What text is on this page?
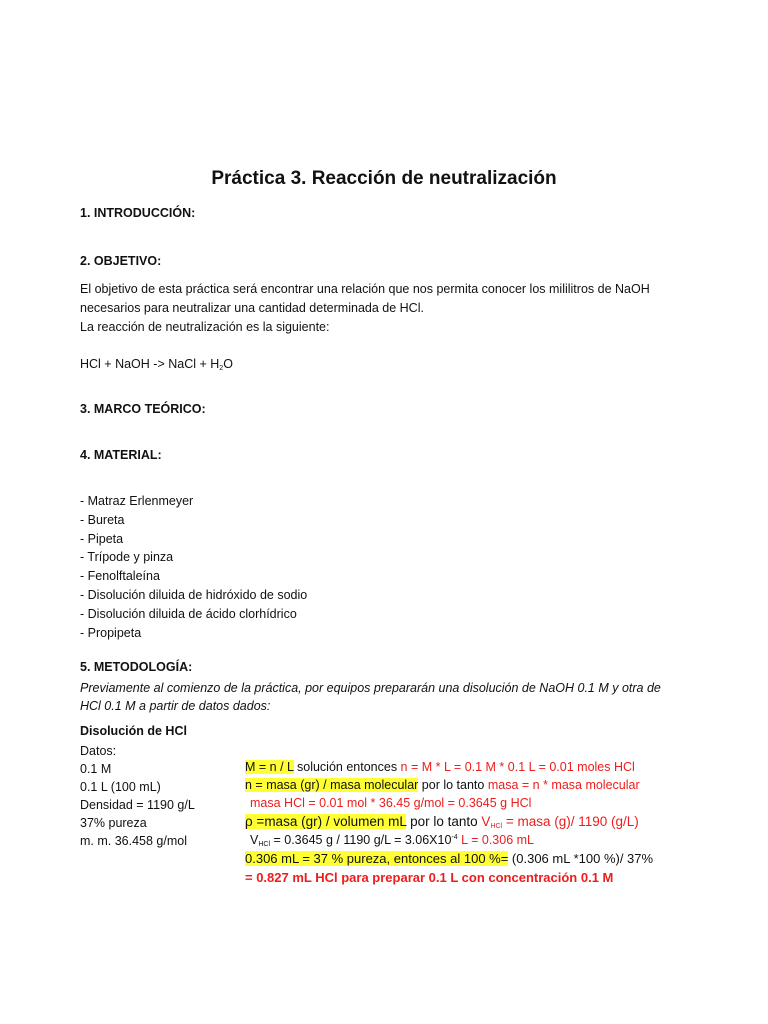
Práctica 3. Reacción de neutralización
1. INTRODUCCIÓN:
2. OBJETIVO:
El objetivo de esta práctica será encontrar una relación que nos permita conocer los mililitros de NaOH
necesarios para neutralizar una cantidad determinada de HCl.
La reacción de neutralización es la siguiente:
HCl + NaOH -> NaCl + $H_2O$
3. MARCO TEÓRICO:
4. MATERIAL:
- Matraz Erlenmeyer
- Bureta
- Pipeta
- Trípode y pinza
- Fenolftaleína
- Disolución diluida de hidróxido de sodio
- Disolución diluida de ácido clorhídrico
- Propipeta
5. METODOLOGÍA:
Previamente al comienzo de la práctica, por equipos prepararán una disolución de NaOH 0.1 M y otra de
HCl 0.1 M a partir de datos dados:
Disolución de HCl
Datos:
0.1 M
0.1 L (100 mL)
Densidad = 1190 g/L
37% pureza
m. m. 36.458 g/mol
M = n / L solución entonces n = M * L = 0.1 M * 0.1 L = 0.01 moles HCl
n = masa (gr) / masa molecular por lo tanto masa = n * masa molecular
masa HCl = 0.01 mol * 36.45 g/mol = 0.3645 g HCl
ρ =masa (gr) / volumen mL por lo tanto $V_{HCl}$ = masa (g)/ 1190 (g/L)
$V_{HCl} = 0.3645$ g / 1190 $g/L = 3.06X10^{-4}$ L = 0.306 mL
0.306 mL = 37 % pureza, entonces al 100 %= (0.306 mL *100 %)/ 37%
= 0.827 mL HCl para preparar 0.1 L con concentración 0.1 M
